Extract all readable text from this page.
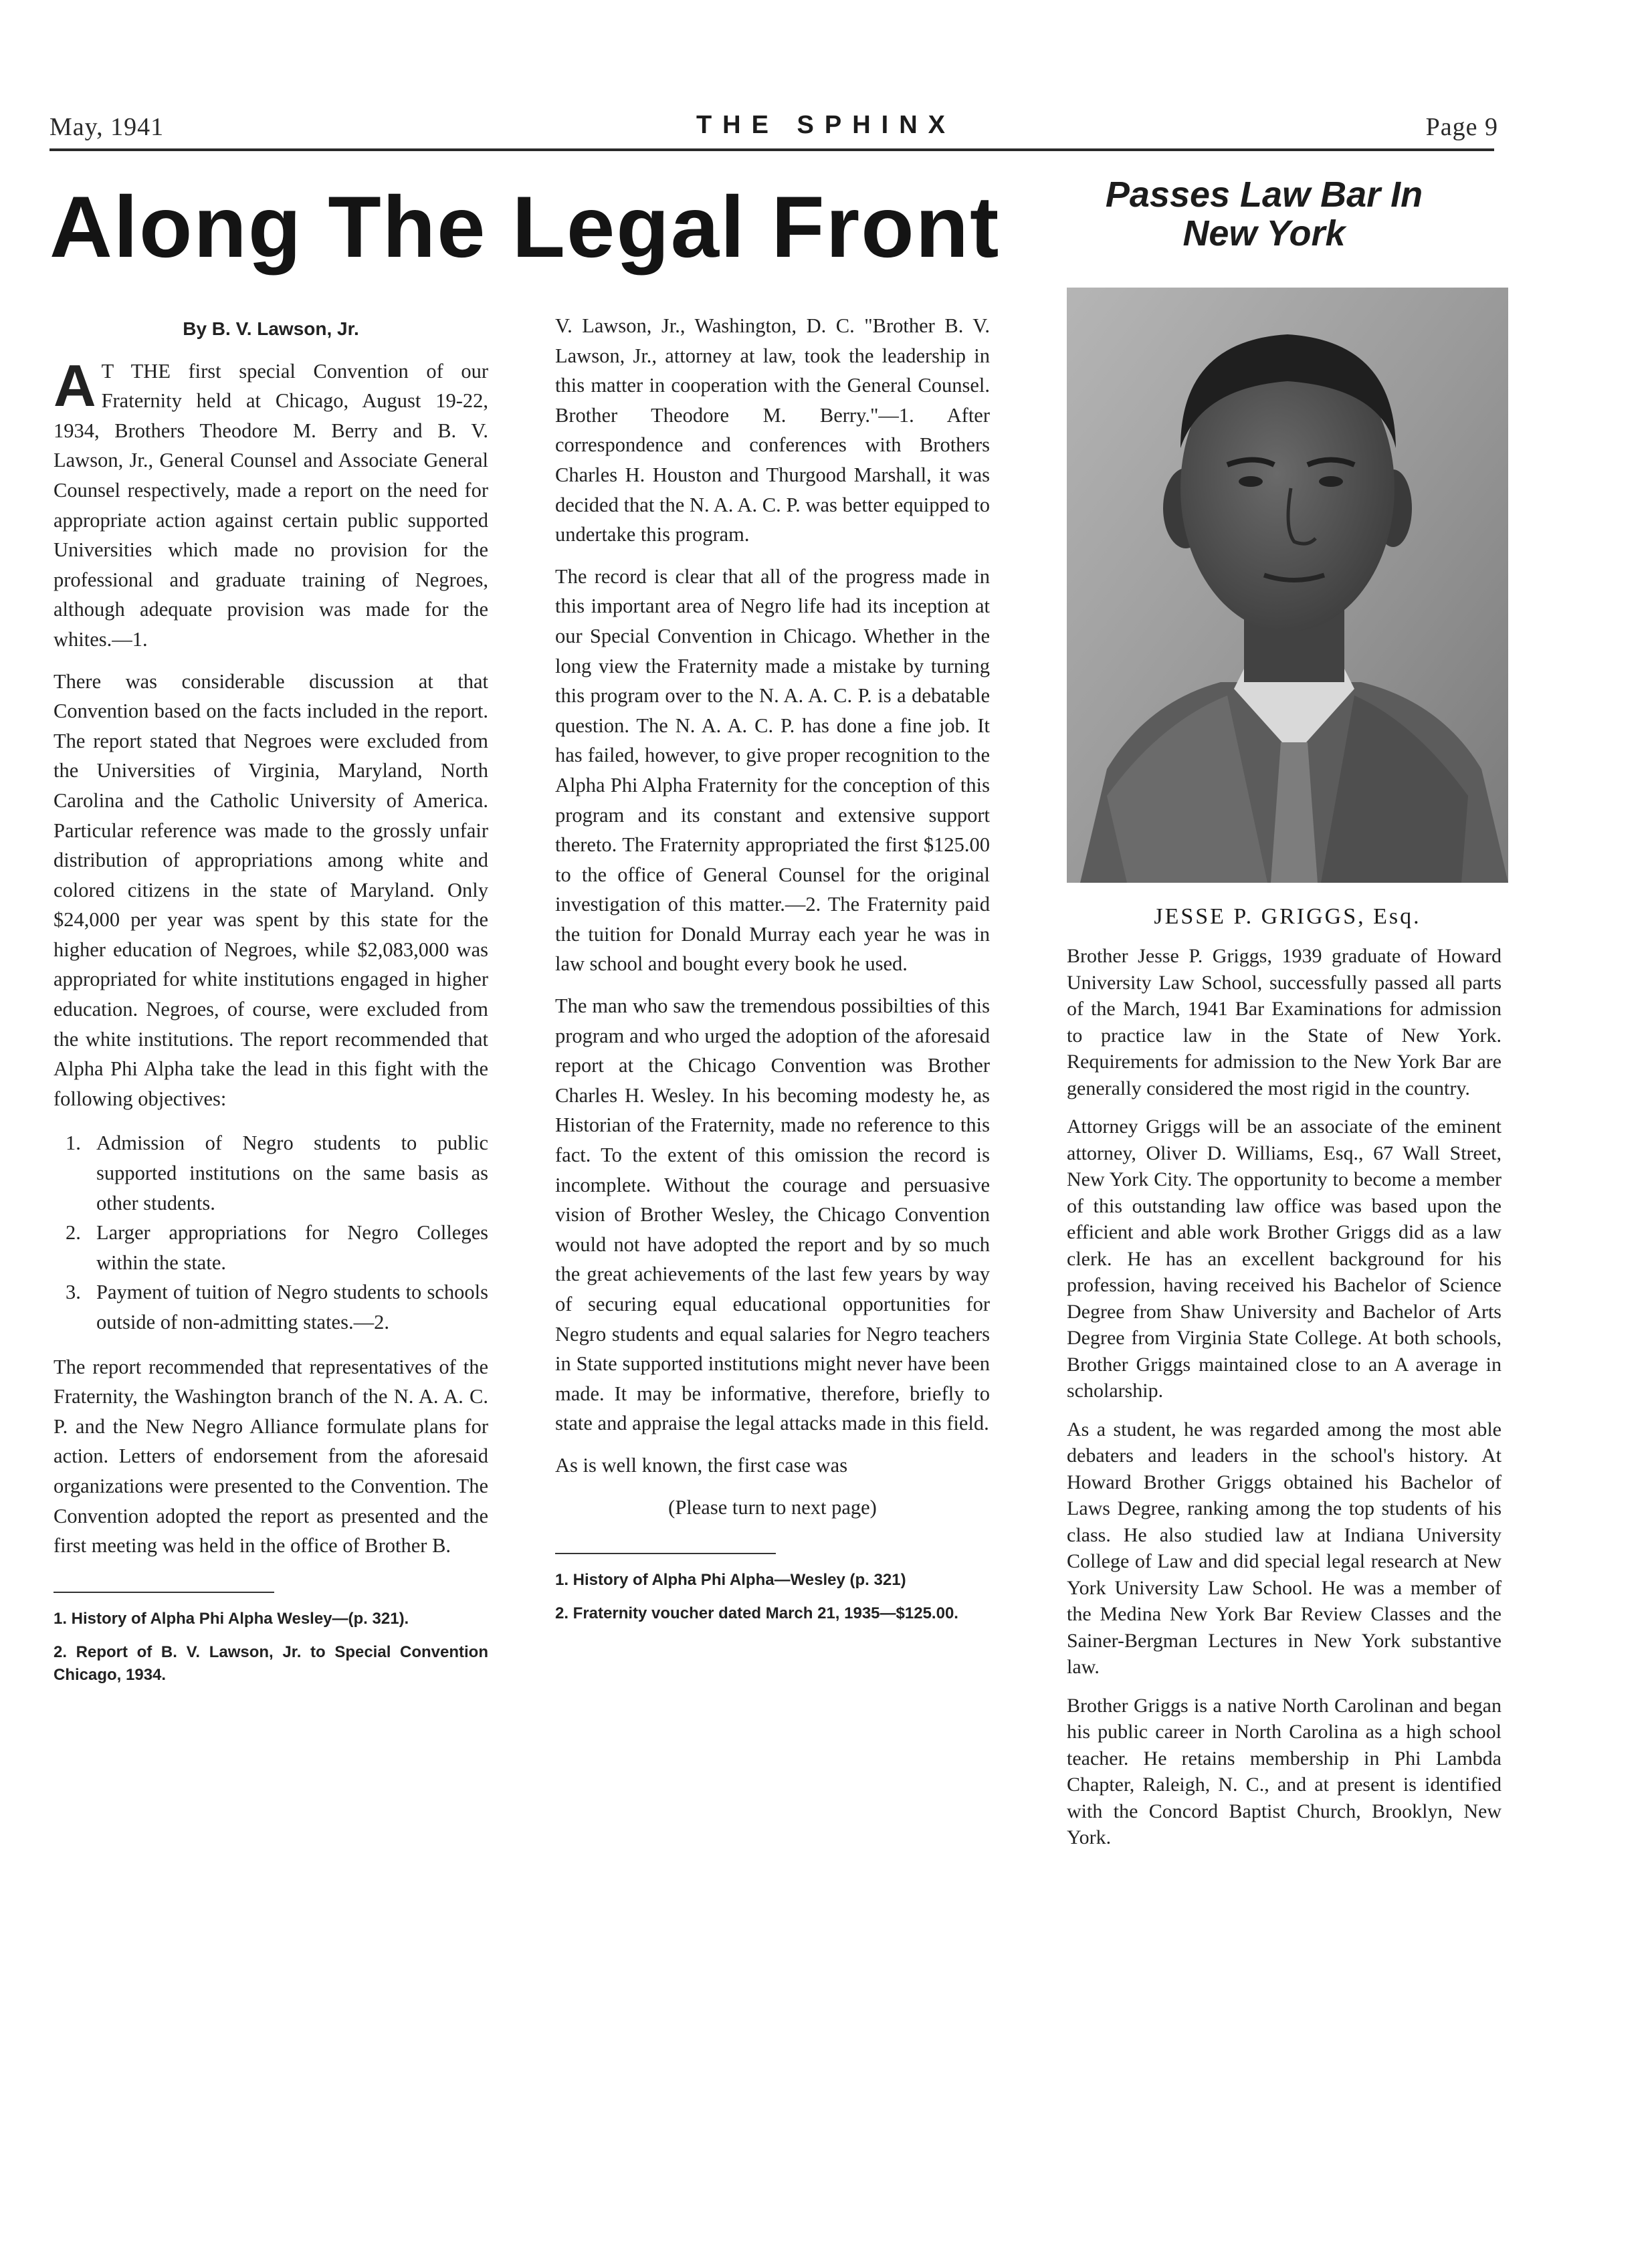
May, 1941	THE SPHINX	Page 9
Along The Legal Front	Passes Law Bar In New York
By B. V. Lawson, Jr.

A T THE first special Convention of our Fraternity held at Chicago, August 19-22, 1934, Brothers Theodore M. Berry and B. V. Lawson, Jr., General Counsel and Associate General Counsel respectively, made a report on the need for appropriate action against certain public supported Universities which made no provision for the professional and graduate training of Negroes, although adequate provision was made for the whites.—1.

There was considerable discussion at that Convention based on the facts included in the report. The report stated that Negroes were excluded from the Universities of Virginia, Maryland, North Carolina and the Catholic University of America. Particular reference was made to the grossly unfair distribution of appropriations among white and colored citizens in the state of Maryland. Only $24,000 per year was spent by this state for the higher education of Negroes, while $2,083,000 was appropriated for white institutions engaged in higher education. Negroes, of course, were excluded from the white institutions. The report recommended that Alpha Phi Alpha take the lead in this fight with the following objectives:

1. Admission of Negro students to public supported institutions on the same basis as other students.
2. Larger appropriations for Negro Colleges within the state.
3. Payment of tuition of Negro students to schools outside of non-admitting states.—2.

The report recommended that representatives of the Fraternity, the Washington branch of the N. A. A. C. P. and the New Negro Alliance formulate plans for action. Letters of endorsement from the aforesaid organizations were presented to the Convention. The Convention adopted the report as presented and the first meeting was held in the office of Brother B.

1. History of Alpha Phi Alpha Wesley—(p. 321).
2. Report of B. V. Lawson, Jr. to Special Convention Chicago, 1934.

V. Lawson, Jr., Washington, D. C. "Brother B. V. Lawson, Jr., attorney at law, took the leadership in this matter in cooperation with the General Counsel. Brother Theodore M. Berry."—1. After correspondence and conferences with Brothers Charles H. Houston and Thurgood Marshall, it was decided that the N. A. A. C. P. was better equipped to undertake this program.

The record is clear that all of the progress made in this important area of Negro life had its inception at our Special Convention in Chicago. Whether in the long view the Fraternity made a mistake by turning this program over to the N. A. A. C. P. is a debatable question. The N. A. A. C. P. has done a fine job. It has failed, however, to give proper recognition to the Alpha Phi Alpha Fraternity for the conception of this program and its constant and extensive support thereto. The Fraternity appropriated the first $125.00 to the office of General Counsel for the original investigation of this matter.—2. The Fraternity paid the tuition for Donald Murray each year he was in law school and bought every book he used.

The man who saw the tremendous possibilties of this program and who urged the adoption of the aforesaid report at the Chicago Convention was Brother Charles H. Wesley. In his becoming modesty he, as Historian of the Fraternity, made no reference to this fact. To the extent of this omission the record is incomplete. Without the courage and persuasive vision of Brother Wesley, the Chicago Convention would not have adopted the report and by so much the great achievements of the last few years by way of securing equal educational opportunities for Negro students and equal salaries for Negro teachers in State supported institutions might never have been made. It may be informative, therefore, briefly to state and appraise the legal attacks made in this field.

As is well known, the first case was

(Please turn to next page)
1. History of Alpha Phi Alpha—Wesley (p. 321)
2. Fraternity voucher dated March 21, 1935—$125.00.
JESSE P. GRIGGS, Esq.

Brother Jesse P. Griggs, 1939 graduate of Howard University Law School, successfully passed all parts of the March, 1941 Bar Examinations for admission to practice law in the State of New York. Requirements for admission to the New York Bar are generally considered the most rigid in the country.

Attorney Griggs will be an associate of the eminent attorney, Oliver D. Williams, Esq., 67 Wall Street, New York City. The opportunity to become a member of this outstanding law office was based upon the efficient and able work Brother Griggs did as a law clerk. He has an excellent background for his profession, having received his Bachelor of Science Degree from Shaw University and Bachelor of Arts Degree from Virginia State College. At both schools, Brother Griggs maintained close to an A average in scholarship.

As a student, he was regarded among the most able debaters and leaders in the school's history. At Howard Brother Griggs obtained his Bachelor of Laws Degree, ranking among the top students of his class. He also studied law at Indiana University College of Law and did special legal research at New York University Law School. He was a member of the Medina New York Bar Review Classes and the Sainer-Bergman Lectures in New York substantive law.

Brother Griggs is a native North Carolinan and began his public career in North Carolina as a high school teacher. He retains membership in Phi Lambda Chapter, Raleigh, N. C., and at present is identified with the Concord Baptist Church, Brooklyn, New York.
